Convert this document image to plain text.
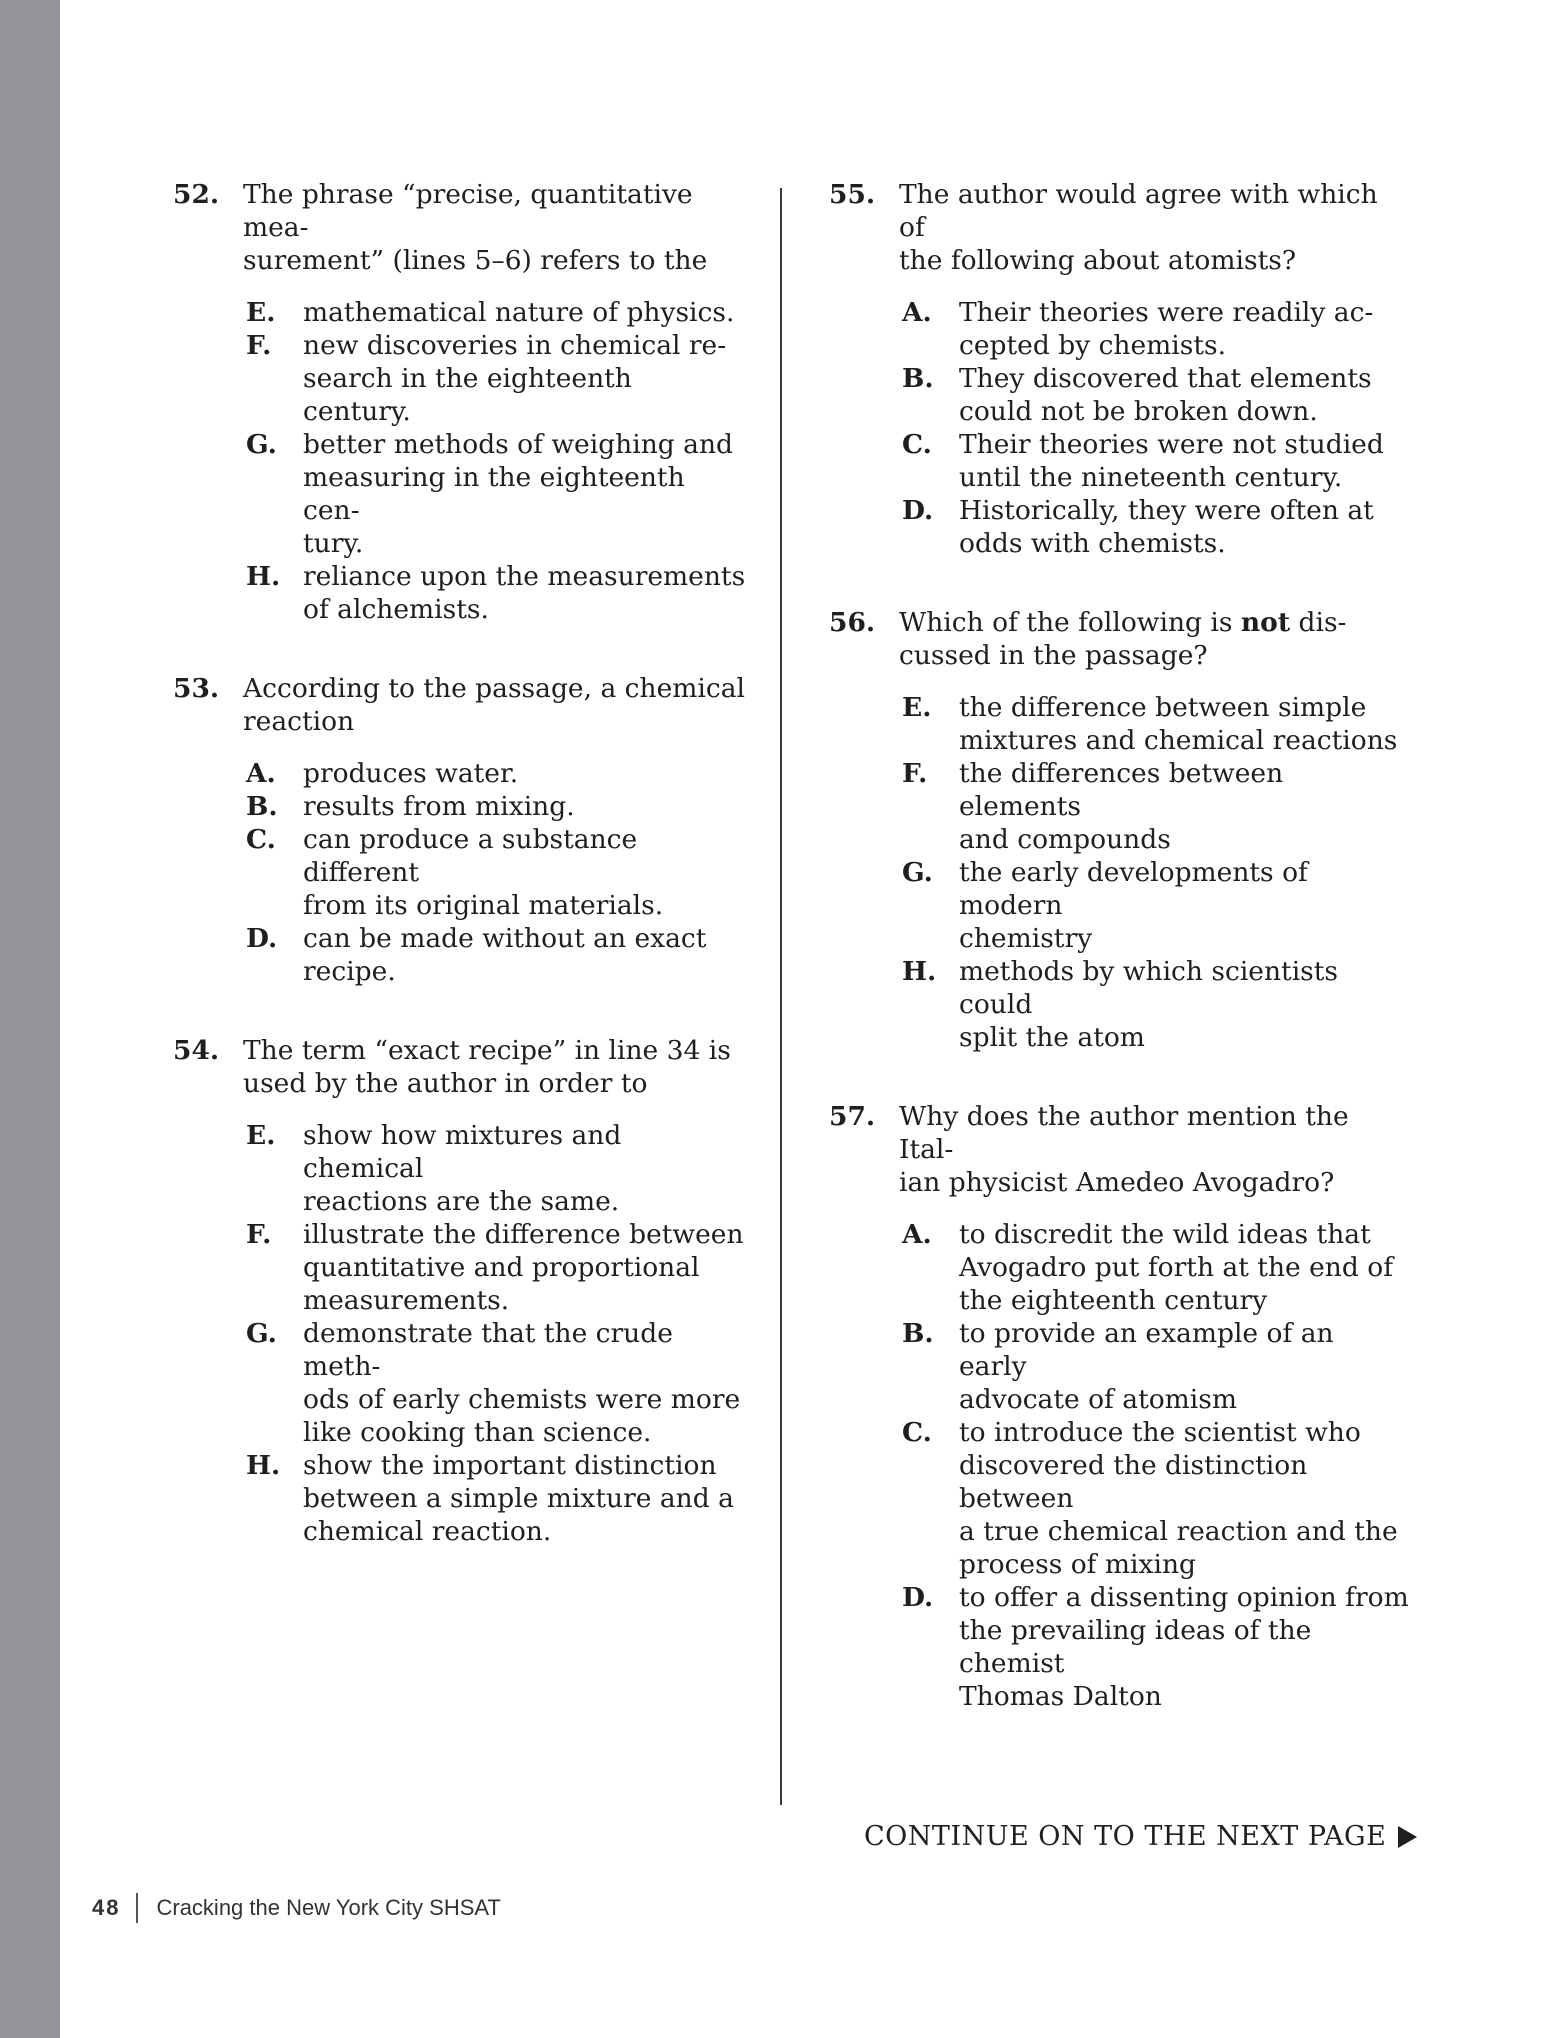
52. The phrase “precise, quantitative mea-
surement” (lines 5–6) refers to the
E.	mathematical nature of physics.
F.	new discoveries in chemical re-
search in the eighteenth century.
G. better methods of weighing and
measuring in the eighteenth cen-
tury.
H. reliance upon the measurements
of alchemists.
53. According to the passage, a chemical
reaction
A.	produces water.
B. results from mixing.
C.	can produce a substance different
from its original materials.
D. can be made without an exact
recipe.
54. The term “exact recipe” in line 34 is
used by the author in order to
E.	show how mixtures and chemical
reactions are the same.
F.	illustrate the difference between
quantitative and proportional
measurements.
G. demonstrate that the crude meth-
ods of early chemists were more
like cooking than science.
H. show the important distinction
between a simple mixture and a
chemical reaction.
55. The author would agree with which of
the following about atomists?
A.	Their theories were readily ac-
cepted by chemists.
B. They discovered that elements
could not be broken down.
C.	Their theories were not studied
until the nineteenth century.
D. Historically, they were often at
odds with chemists.
56. Which of the following is not dis-
cussed in the passage?
E.	the difference between simple
mixtures and chemical reactions
F.	the differences between elements
and compounds
G. the early developments of modern
chemistry
H. methods by which scientists could
split the atom
57. Why does the author mention the Ital-
ian physicist Amedeo Avogadro?
A.	to discredit the wild ideas that
Avogadro put forth at the end of
the eighteenth century
B. to provide an example of an early
advocate of atomism
C.	to introduce the scientist who
discovered the distinction between
a true chemical reaction and the
process of mixing
D. to offer a dissenting opinion from
the prevailing ideas of the chemist
Thomas Dalton
CONTINUE ON TO THE NEXT PAGE
48 Cracking the New York City SHSAT
